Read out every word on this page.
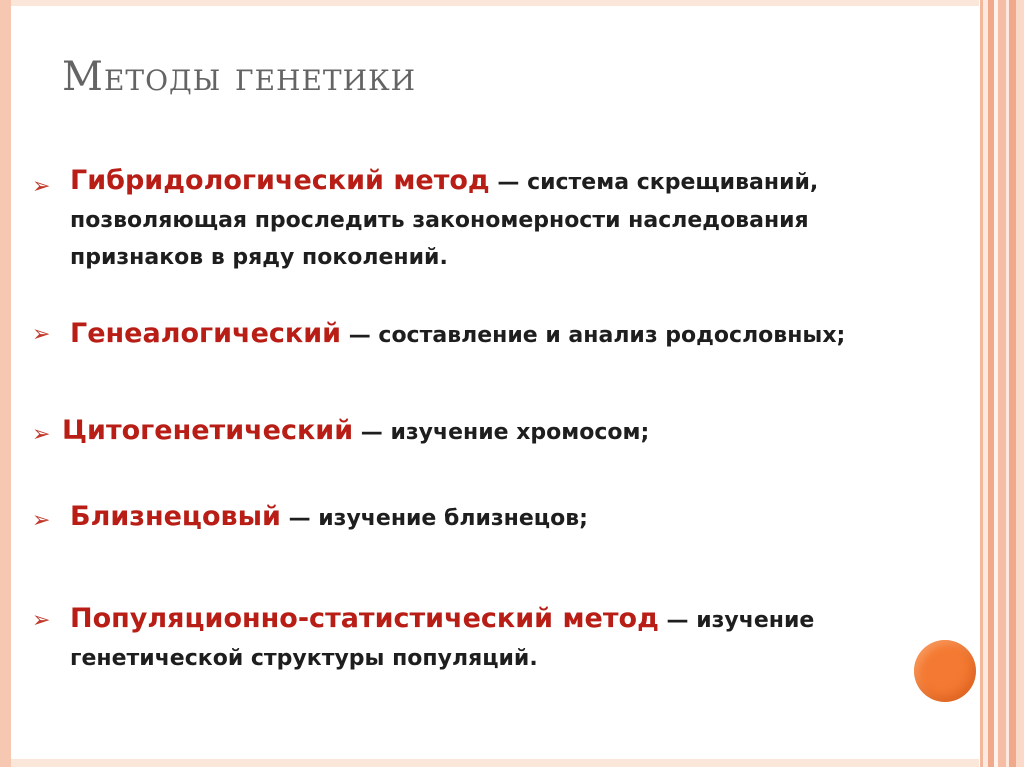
Методы генетики
➢ Гибридологический метод — система скрещиваний,
позволяющая проследить закономерности наследования
признаков в ряду поколений.
➢ Генеалогический — составление и анализ родословных;
➢ Цитогенетический — изучение хромосом;
➢ Близнецовый — изучение близнецов;
➢ Популяционно-статистический метод — изучение
генетической структуры популяций.
